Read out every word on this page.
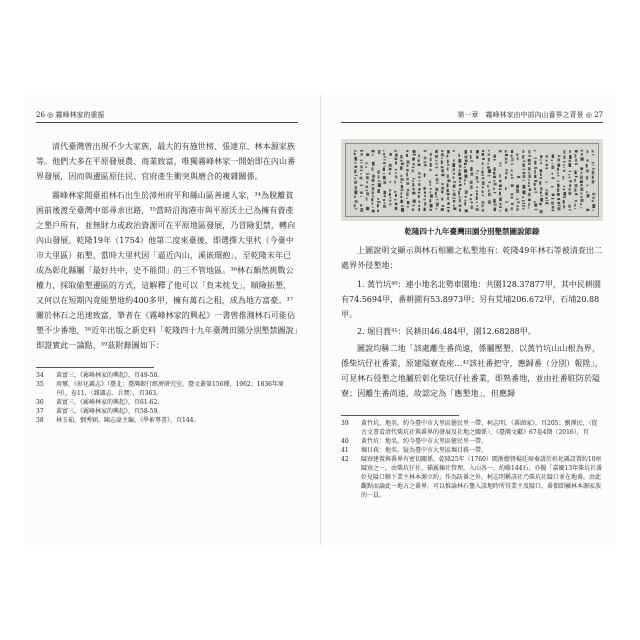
26 ◎ 霧峰林家的重振

清代臺灣曾出現不少大家族，最大的有施世榜、張達京、林本源家族等。他們大多在平原發展農、商業致富，唯獨霧峰林家一開始即在內山番界發展，因而與邊區原住民、官府產生衝突與磨合的複雜關係。

霧峰林家開臺祖林石出生於漳州府平和縣山區善適人家，³⁴為脫離貧困前後渡至臺灣中部尋求出路，³⁵當時沿海港市與平原沃土已為擁有資產之墾戶所有，並無財力或政治資源可在平原地區發展，乃冒險犯禁，轉向內山發展。乾隆19年（1754）他第二度來臺後，即選擇大里杙（今臺中市大里區）拓墾，當時大里杙因「逼近內山，溪嵌環抱」，至乾隆末年已成為彰化縣屬「最好共中，史不能問」的三不管地區。³⁶林石頗然挑戰公權力，採取偷墾邊區的方式，這解釋了他可以「負耒枕戈」，順險拓墾，又何以在短期內竟能墾地約400多甲，擁有萬石之租，成為地方富豪。³⁷關於林石之迅速致富，筆者在《霧峰林家的興起》一書曾推測林石可能佔墾不少番地，³⁸近年出版之新史料「乾隆四十九年臺灣田園分別墾禁圖說」即證實此一論點，³⁹茲附錄圖如下：

34	黃富三，《霧峰林家的興起》，頁49-50。
35	周璽，《彰化縣志》（臺北：臺灣銀行經濟研究室，臺文叢第156種，1962；1836年原刊），卷11，〈雜識志．兵燹〉，頁363。
36	黃富三，《霧峰林家的興起》，頁61-62。
37	黃富三，《霧峰林家的興起》，頁58-59。
38	林玉茹，劉秀穎，陳志豪主編，《學術專書》，頁144。
第一章　霧峰林家由中部內山番界之背景 ◎ 27
乾隆四十九年臺灣田園分別墾禁圖說節錄

上圖說明文顯示與林石相關之私墾地有：乾隆49年林石等被清查出二處界外侵墾地：

1. 黃竹坑⁴⁰：連小地名北勢車園地：共園128.37877甲，其中民耕園有74.5694甲，番耕園有53.8973甲；另有荒埔206.672甲，石埔20.88甲。

2. 堀目莪⁴¹：民耕田46.484甲，園12.68288甲。

圖說均稱二地「該處離生番尚遠，係屬壓墾，以黃竹坑山山根為界，係柴坑仔社番業，原建隘寮查座…⁴²該社番把守，應歸番（分別）報陞」，可見林石侵墾之地屬於彰化柴坑仔社番業，即熟番地，並由社番駐防於隘寮；因離生番尚遠，故認定為「應墾地」，但應歸

39	黃竹坑，地名，約今臺中市大里區健民里一帶。柯志明，《番頭家》，頁205；劉澤民，〈從古文書看清代柴坑社與番界的發展及社地之關係〉，《臺灣文獻》67卷4期（2016），頁
40	黃竹坑：地名，約今臺中市大里區健民里一帶。
41	堀目莪：地名，疑為臺中市大里區堀目莪一帶。
42	隘寮建置與番界有密切關係，乾隆25年（1760）閩浙總督楊廷璋奏請於彰化縣設置約10座隘寮之一，由柴坑仔社、猫霧揀社管理，入山各一，約略144石。亦擬「嘉慶13年柴坑社番奸兒隘口轄下業主林本源立約」作為防番之外，柯志明稱該社乃柴坑社隘口並在地番。由此觀點而論此一地方之番界，可以推論林石墾入該地時所得業主及隘口，番佃即屬林本源家族的一員。
